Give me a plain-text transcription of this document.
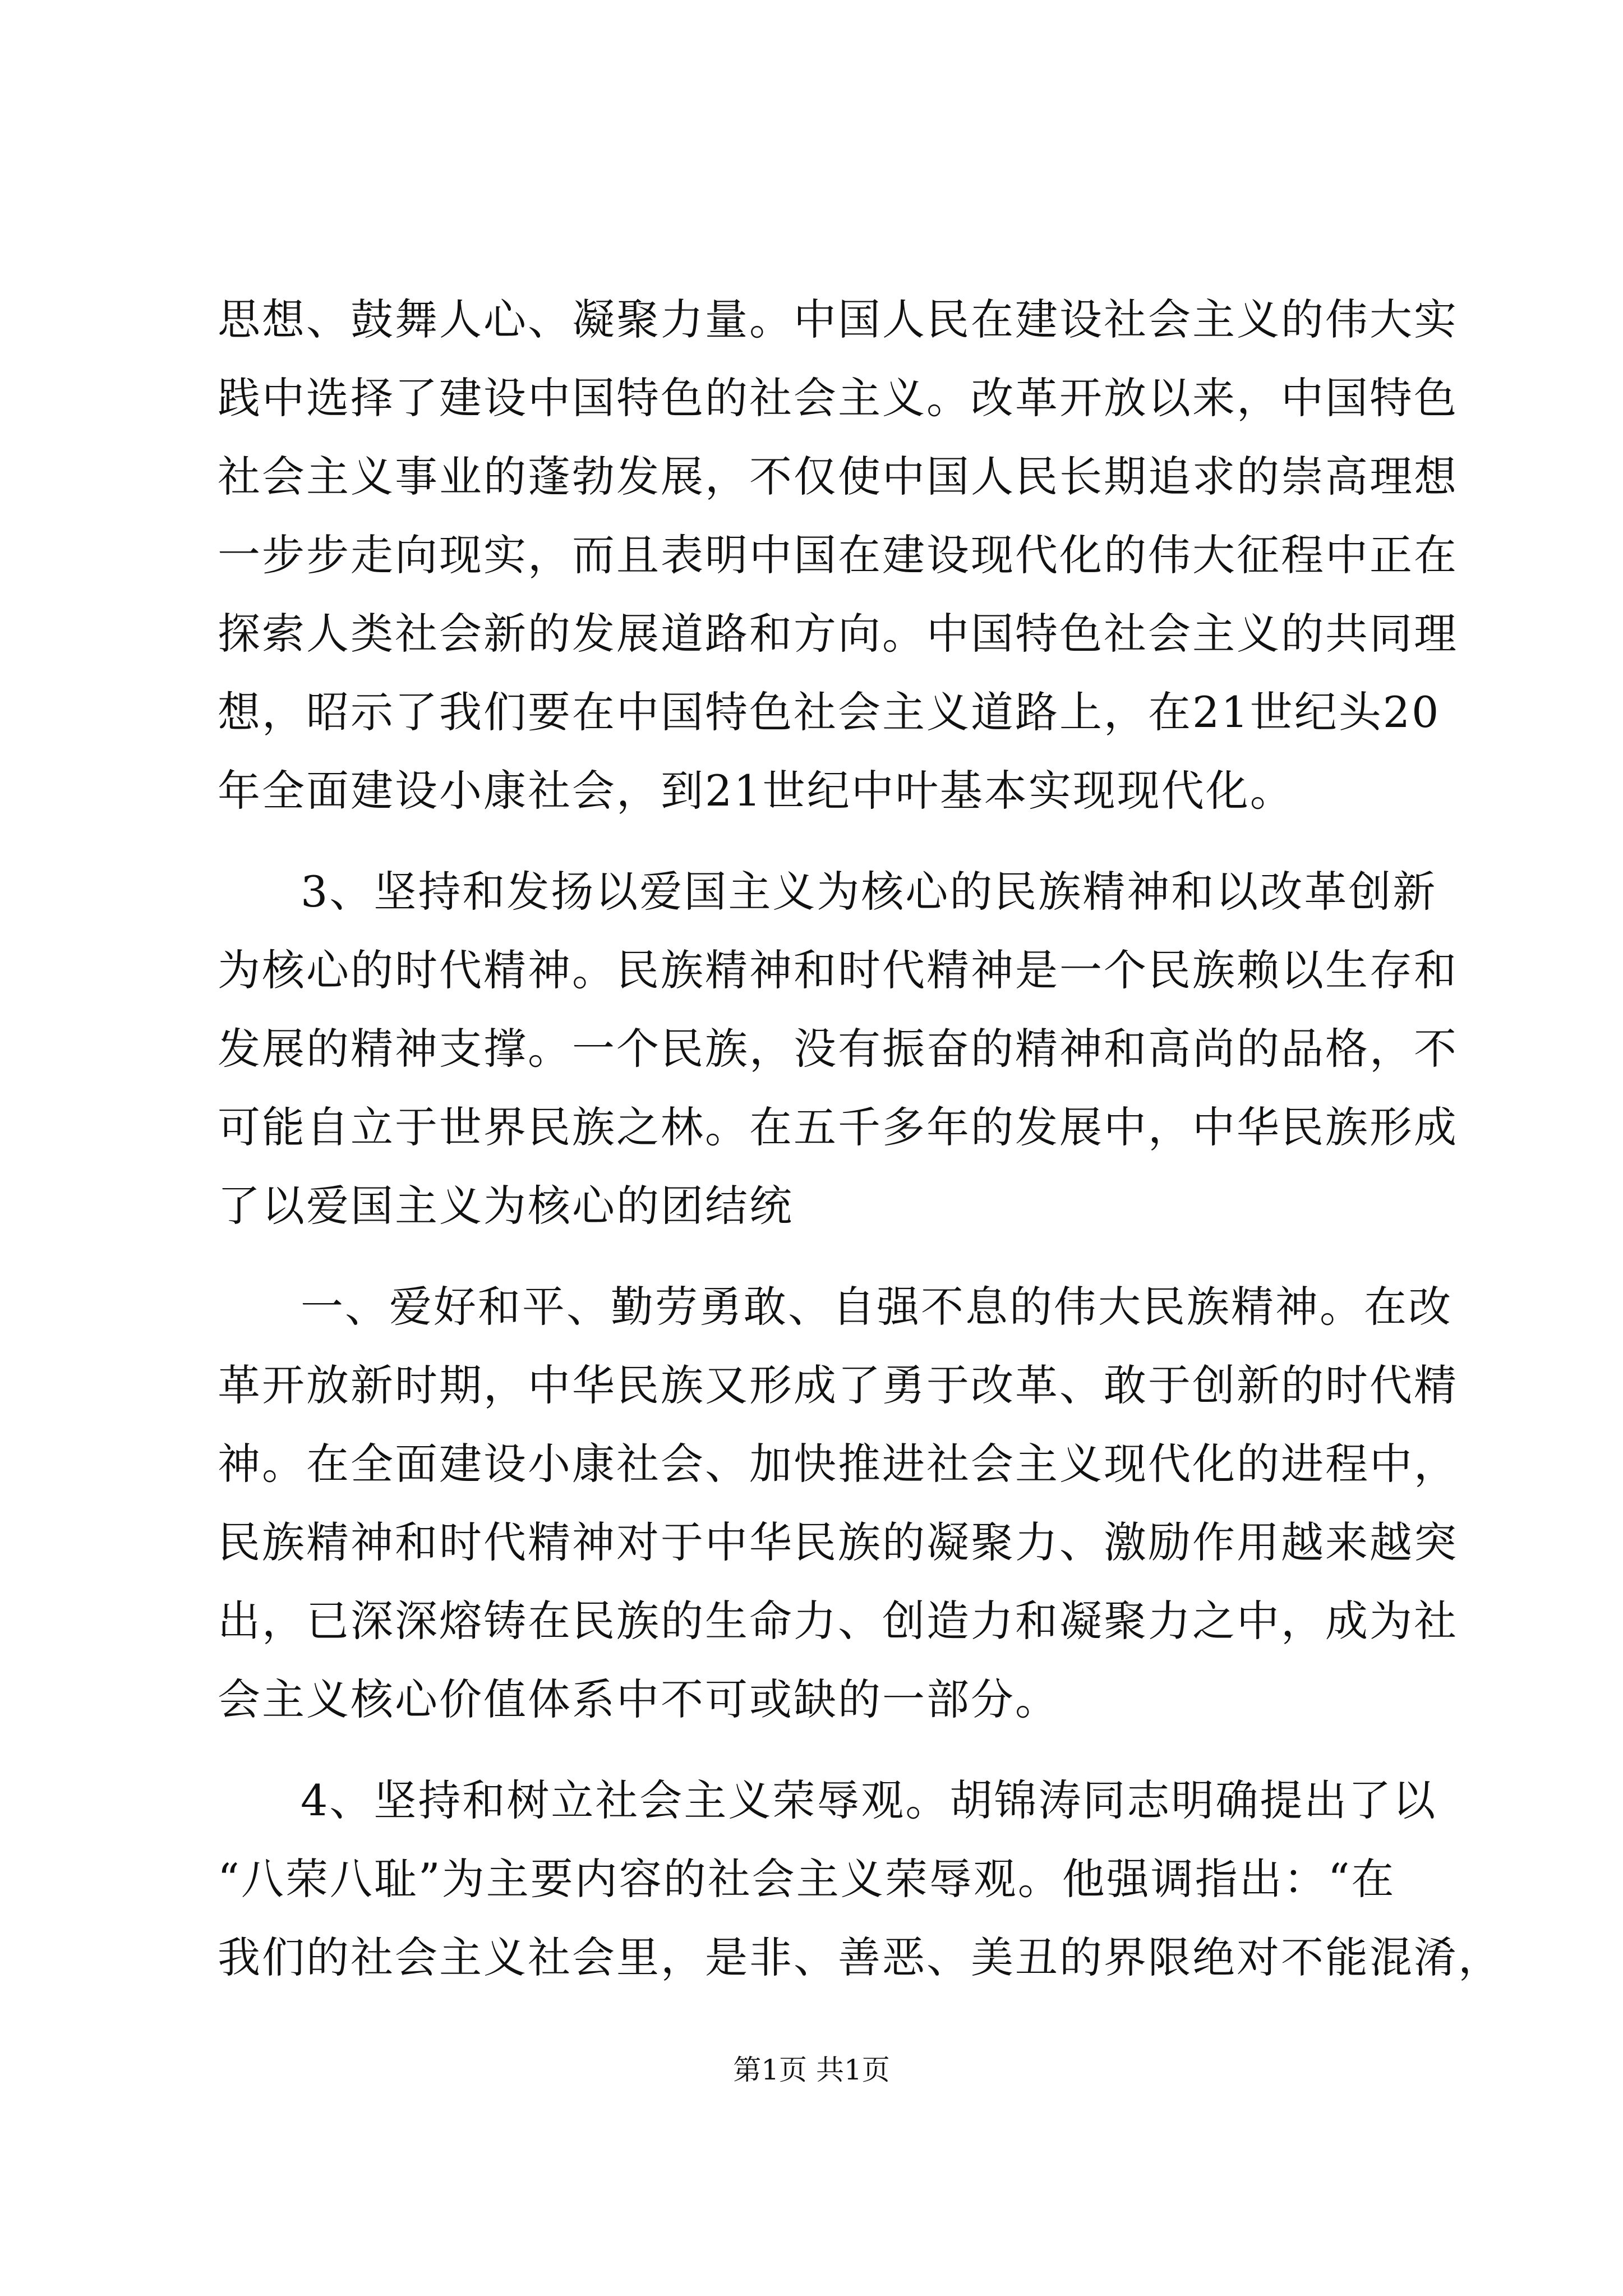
思想、鼓舞人心、凝聚力量。中国人民在建设社会主义的伟大实
践中选择了建设中国特色的社会主义。改革开放以来，中国特色
社会主义事业的蓬勃发展，不仅使中国人民长期追求的崇高理想
一步步走向现实，而且表明中国在建设现代化的伟大征程中正在
探索人类社会新的发展道路和方向。中国特色社会主义的共同理
想，昭示了我们要在中国特色社会主义道路上，在21世纪头20
年全面建设小康社会，到21世纪中叶基本实现现代化。
3、坚持和发扬以爱国主义为核心的民族精神和以改革创新
为核心的时代精神。民族精神和时代精神是一个民族赖以生存和
发展的精神支撑。一个民族，没有振奋的精神和高尚的品格，不
可能自立于世界民族之林。在五千多年的发展中，中华民族形成
了以爱国主义为核心的团结统
一、爱好和平、勤劳勇敢、自强不息的伟大民族精神。在改
革开放新时期，中华民族又形成了勇于改革、敢于创新的时代精
神。在全面建设小康社会、加快推进社会主义现代化的进程中，
民族精神和时代精神对于中华民族的凝聚力、激励作用越来越突
出，已深深熔铸在民族的生命力、创造力和凝聚力之中，成为社
会主义核心价值体系中不可或缺的一部分。
4、坚持和树立社会主义荣辱观。胡锦涛同志明确提出了以
“八荣八耻”为主要内容的社会主义荣辱观。他强调指出：“在
我们的社会主义社会里，是非、善恶、美丑的界限绝对不能混淆，
第1页 共1页
